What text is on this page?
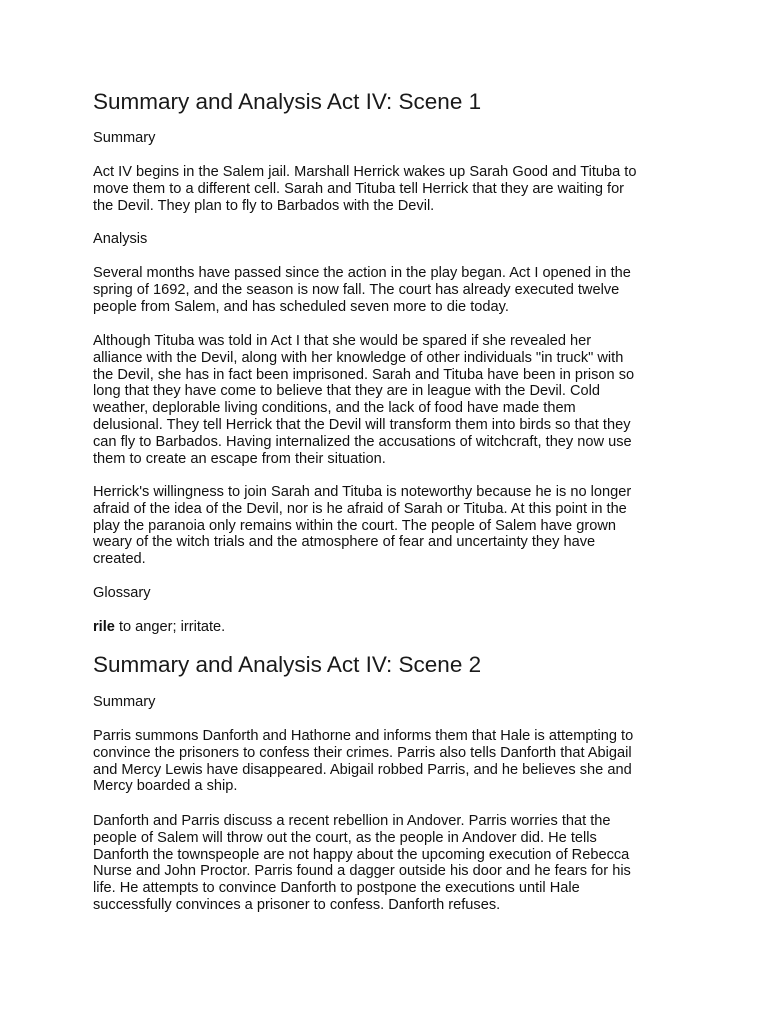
Summary and Analysis Act IV: Scene 1

Summary

Act IV begins in the Salem jail. Marshall Herrick wakes up Sarah Good and Tituba to
move them to a different cell. Sarah and Tituba tell Herrick that they are waiting for
the Devil. They plan to fly to Barbados with the Devil.

Analysis

Several months have passed since the action in the play began. Act I opened in the
spring of 1692, and the season is now fall. The court has already executed twelve
people from Salem, and has scheduled seven more to die today.

Although Tituba was told in Act I that she would be spared if she revealed her
alliance with the Devil, along with her knowledge of other individuals "in truck" with
the Devil, she has in fact been imprisoned. Sarah and Tituba have been in prison so
long that they have come to believe that they are in league with the Devil. Cold
weather, deplorable living conditions, and the lack of food have made them
delusional. They tell Herrick that the Devil will transform them into birds so that they
can fly to Barbados. Having internalized the accusations of witchcraft, they now use
them to create an escape from their situation.

Herrick's willingness to join Sarah and Tituba is noteworthy because he is no longer
afraid of the idea of the Devil, nor is he afraid of Sarah or Tituba. At this point in the
play the paranoia only remains within the court. The people of Salem have grown
weary of the witch trials and the atmosphere of fear and uncertainty they have
created.

Glossary

rile to anger; irritate.

Summary and Analysis Act IV: Scene 2

Summary

Parris summons Danforth and Hathorne and informs them that Hale is attempting to
convince the prisoners to confess their crimes. Parris also tells Danforth that Abigail
and Mercy Lewis have disappeared. Abigail robbed Parris, and he believes she and
Mercy boarded a ship.

Danforth and Parris discuss a recent rebellion in Andover. Parris worries that the
people of Salem will throw out the court, as the people in Andover did. He tells
Danforth the townspeople are not happy about the upcoming execution of Rebecca
Nurse and John Proctor. Parris found a dagger outside his door and he fears for his
life. He attempts to convince Danforth to postpone the executions until Hale
successfully convinces a prisoner to confess. Danforth refuses.
